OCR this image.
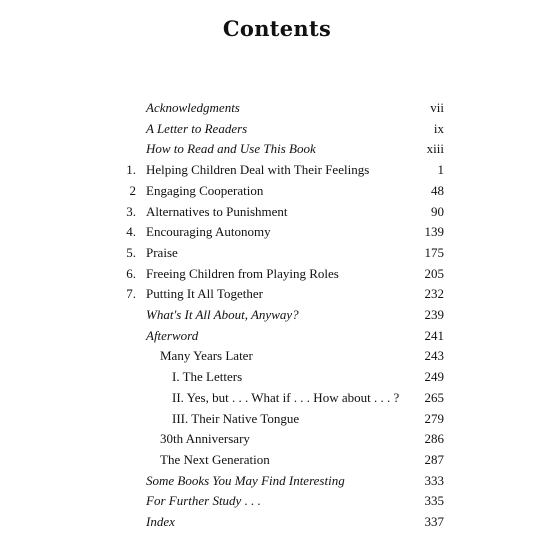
Contents
Acknowledgments	vii
A Letter to Readers	ix
How to Read and Use This Book	xiii
1. Helping Children Deal with Their Feelings	1
2 Engaging Cooperation	48
3. Alternatives to Punishment	90
4. Encouraging Autonomy	139
5. Praise	175
6. Freeing Children from Playing Roles	205
7. Putting It All Together	232
What's It All About, Anyway?	239
Afterword	241
Many Years Later	243
I. The Letters	249
II. Yes, but . . . What if . . . How about . . . ? 265
III. Their Native Tongue	279
30th Anniversary	286
The Next Generation	287
Some Books You May Find Interesting	333
For Further Study . . .	335
Index	337
